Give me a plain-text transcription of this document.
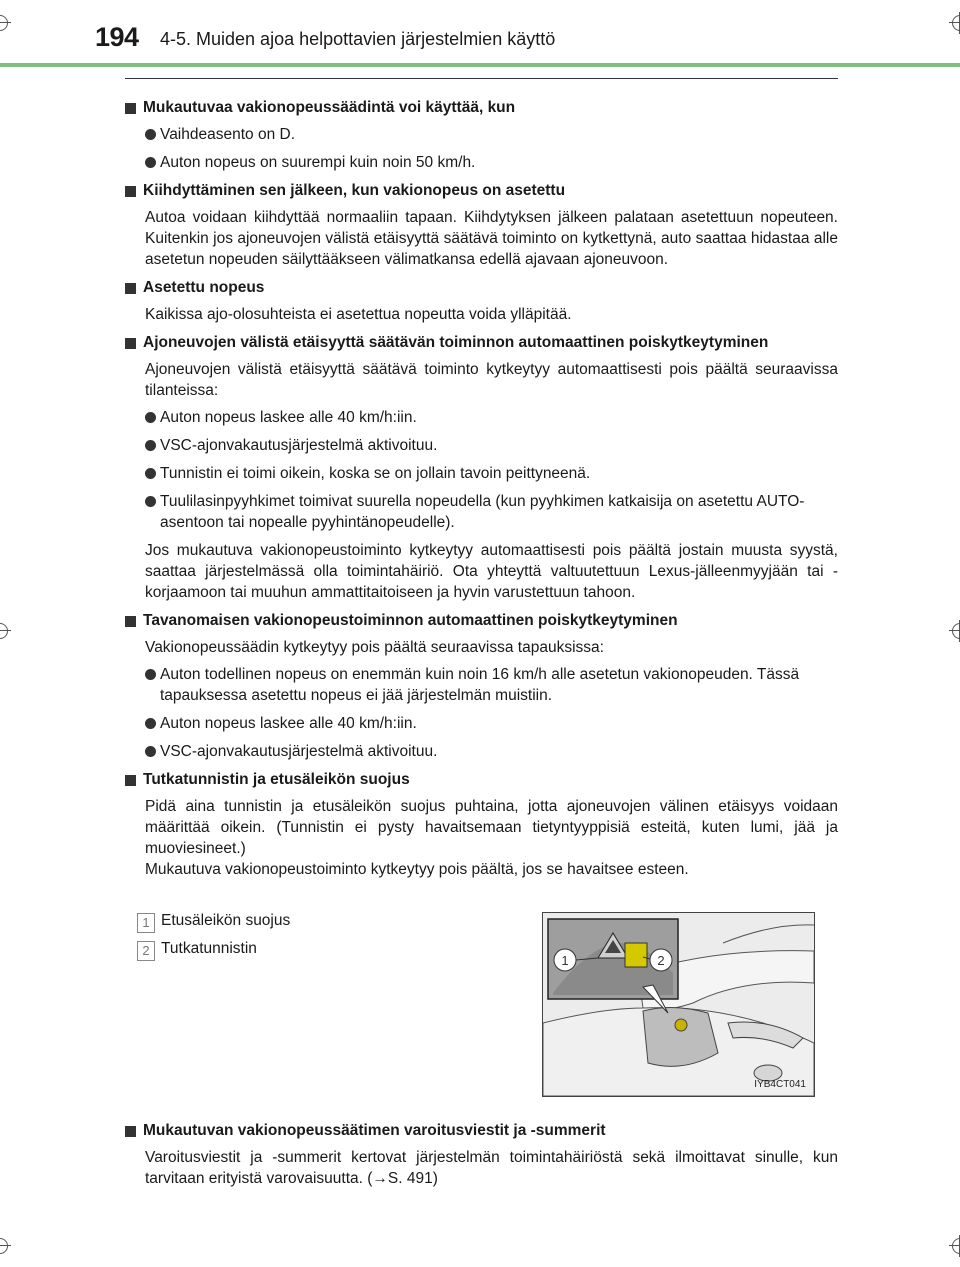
194 4-5. Muiden ajoa helpottavien järjestelmien käyttö
Mukautuvaa vakionopeussäädintä voi käyttää, kun
Vaihdeasento on D.
Auton nopeus on suurempi kuin noin 50 km/h.
Kiihdyttäminen sen jälkeen, kun vakionopeus on asetettu
Autoa voidaan kiihdyttää normaaliin tapaan. Kiihdytyksen jälkeen palataan asetettuun nopeuteen. Kuitenkin jos ajoneuvojen välistä etäisyyttä säätävä toiminto on kytkettynä, auto saattaa hidastaa alle asetetun nopeuden säilyttääkseen välimatkansa edellä ajavaan ajoneuvoon.
Asetettu nopeus
Kaikissa ajo-olosuhteista ei asetettua nopeutta voida ylläpitää.
Ajoneuvojen välistä etäisyyttä säätävän toiminnon automaattinen poiskytkeytyminen
Ajoneuvojen välistä etäisyyttä säätävä toiminto kytkeytyy automaattisesti pois päältä seuraavissa tilanteissa:
Auton nopeus laskee alle 40 km/h:iin.
VSC-ajonvakautusjärjestelmä aktivoituu.
Tunnistin ei toimi oikein, koska se on jollain tavoin peittyneenä.
Tuulilasinpyyhkimet toimivat suurella nopeudella (kun pyyhkimen katkaisija on asetettu AUTO-asentoon tai nopealle pyyhintänopeudelle).
Jos mukautuva vakionopeustoiminto kytkeytyy automaattisesti pois päältä jostain muusta syystä, saattaa järjestelmässä olla toimintahäiriö. Ota yhteyttä valtuutettuun Lexus-jälleenmyyjään tai -korjaamoon tai muuhun ammattitaitoiseen ja hyvin varustettuun tahoon.
Tavanomaisen vakionopeustoiminnon automaattinen poiskytkeytyminen
Vakionopeussäädin kytkeytyy pois päältä seuraavissa tapauksissa:
Auton todellinen nopeus on enemmän kuin noin 16 km/h alle asetetun vakionopeuden. Tässä tapauksessa asetettu nopeus ei jää järjestelmän muistiin.
Auton nopeus laskee alle 40 km/h:iin.
VSC-ajonvakautusjärjestelmä aktivoituu.
Tutkatunnistin ja etusäleikön suojus
Pidä aina tunnistin ja etusäleikön suojus puhtaina, jotta ajoneuvojen välinen etäisyys voidaan määrittää oikein. (Tunnistin ei pysty havaitsemaan tietyntyyppisiä esteitä, kuten lumi, jää ja muoviesineet.)
Mukautuva vakionopeustoiminto kytkeytyy pois päältä, jos se havaitsee esteen.
1 Etusäleikön suojus
2 Tutkatunnistin
1	2
IYB4CT041
Mukautuvan vakionopeussäätimen varoitusviestit ja -summerit
Varoitusviestit ja -summerit kertovat järjestelmän toimintahäiriöstä sekä ilmoittavat sinulle, kun tarvitaan erityistä varovaisuutta. (→S. 491)
